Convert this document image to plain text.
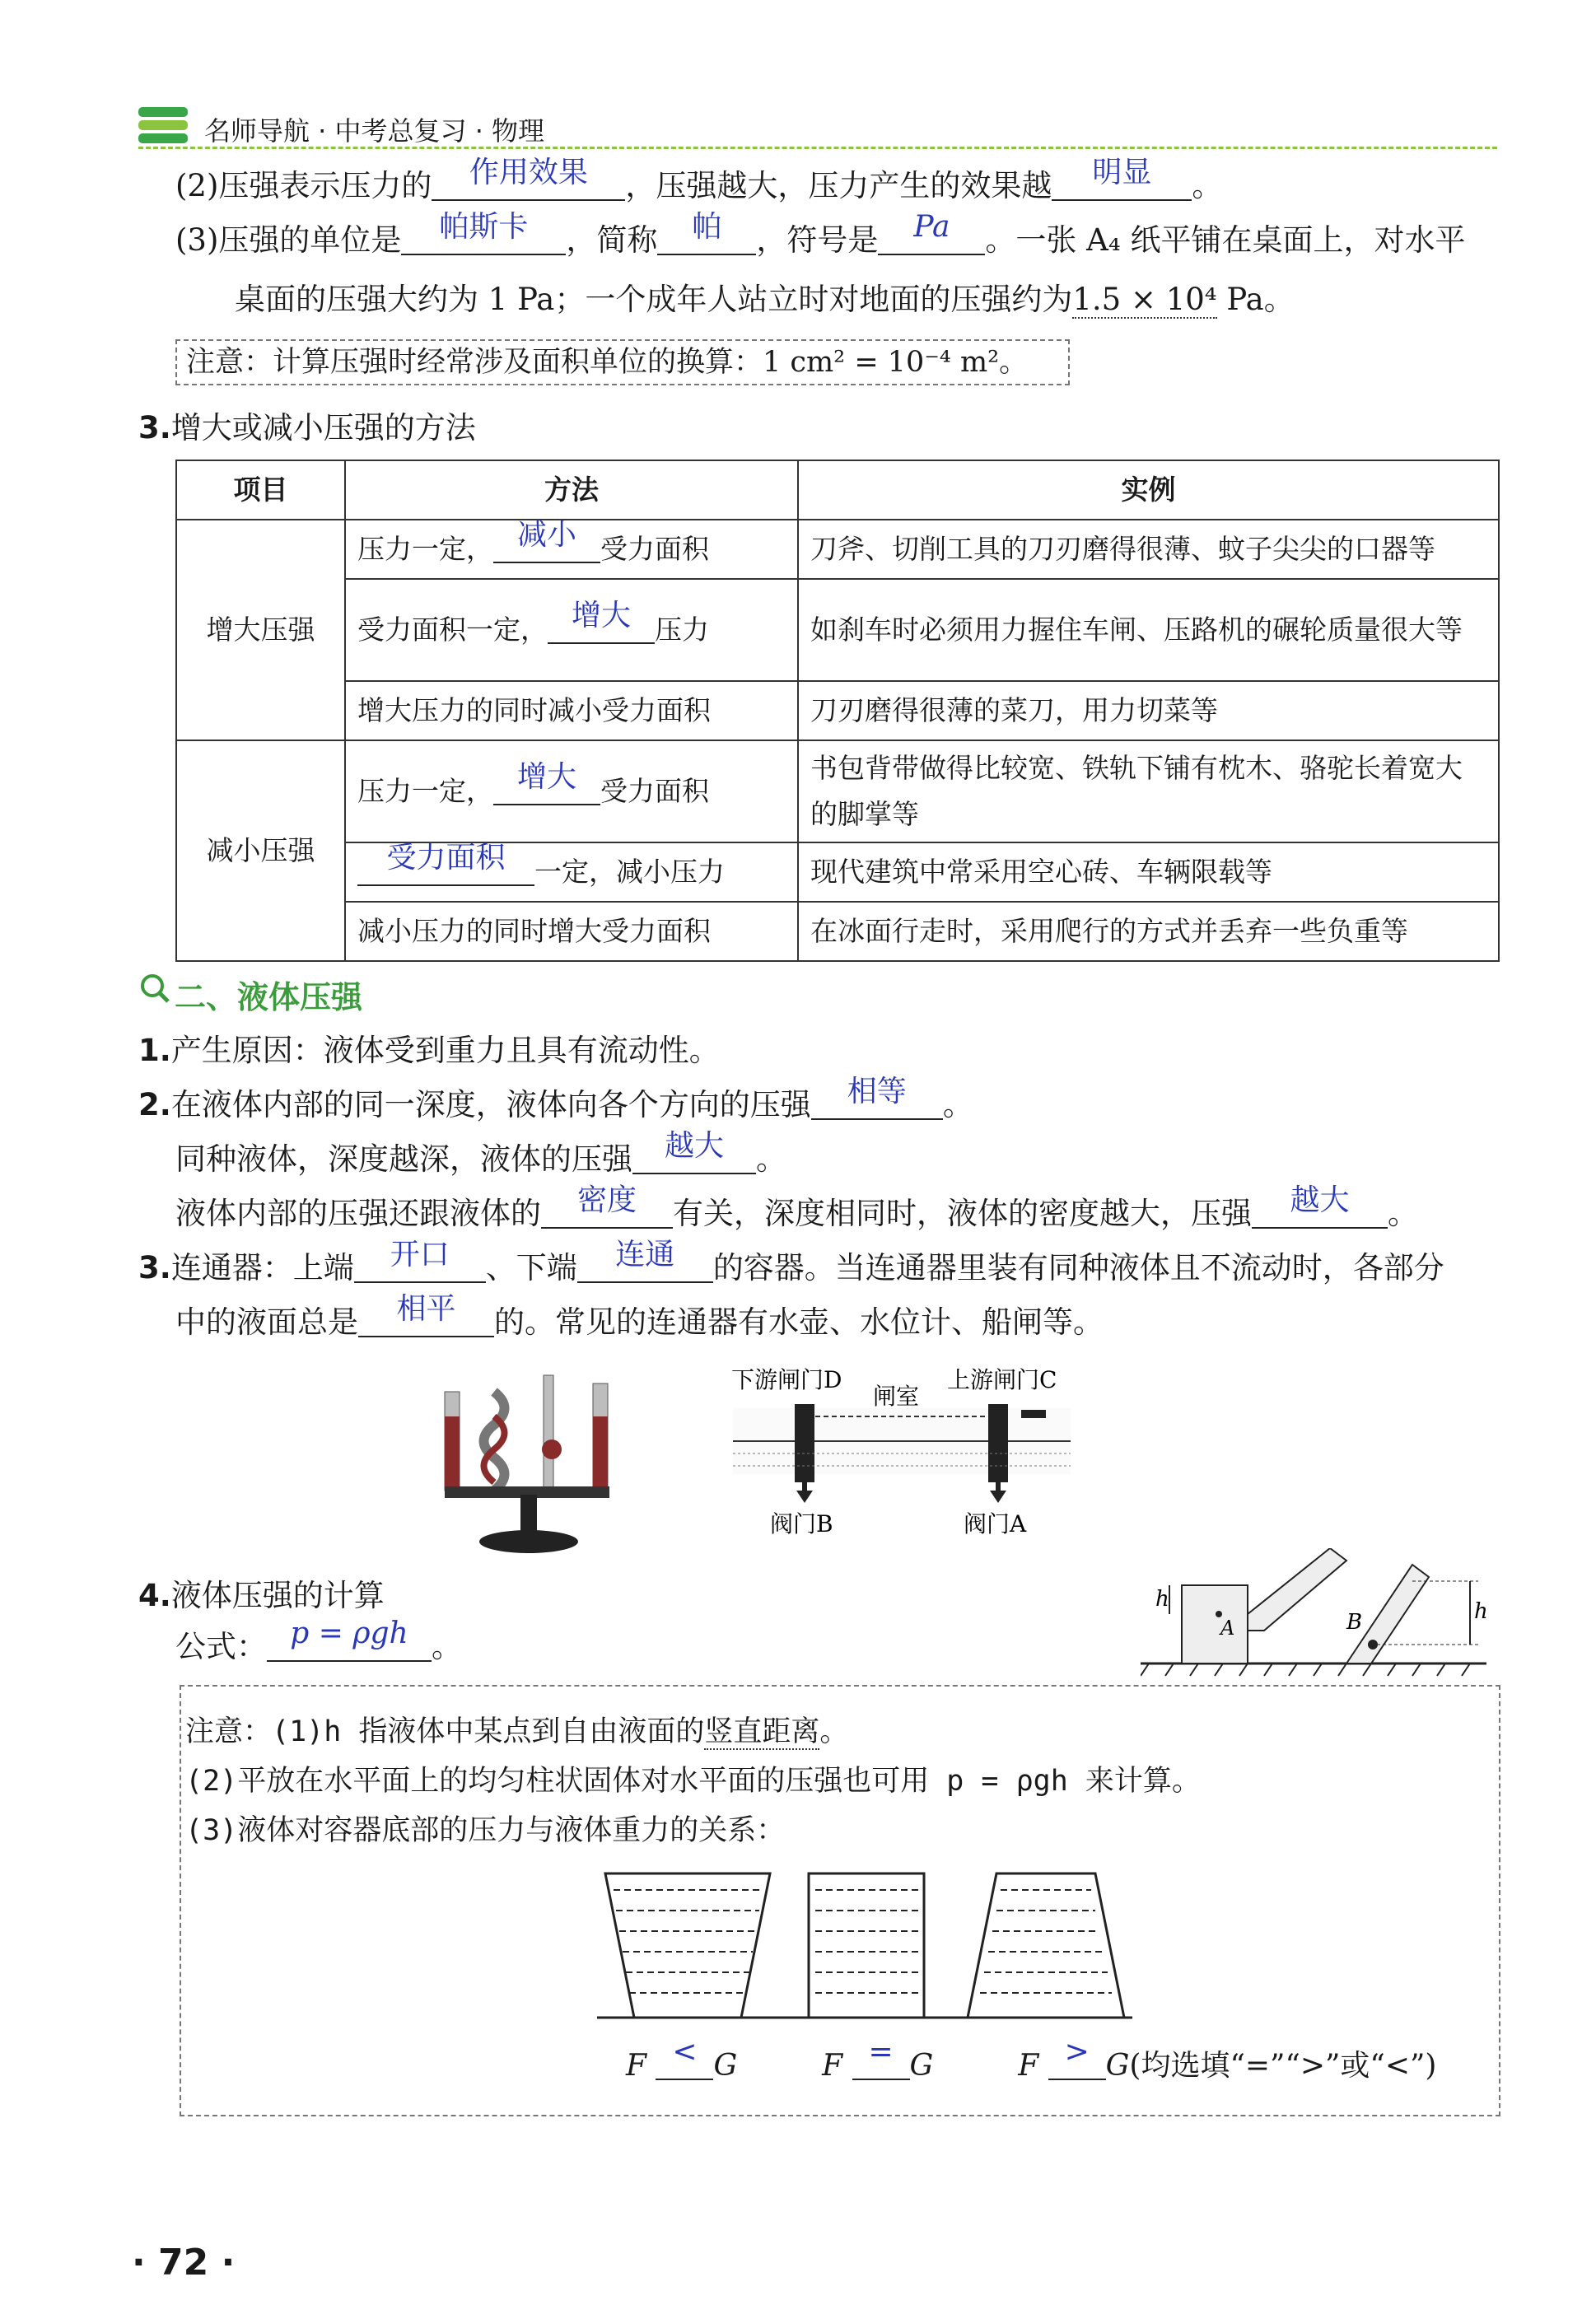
名师导航 · 中考总复习 · 物理
(2)压强表示压力的	作用效果	，压强越大，压力产生的效果越	明显	。
(3)压强的单位是	帕斯卡	，简称	帕	，符号是	Pa	。一张 A₄ 纸平铺在桌面上，对水平
桌面的压强大约为 1 Pa；一个成年人站立时对地面的压强约为1.5 × 10⁴ Pa。
注意：计算压强时经常涉及面积单位的换算：1 cm² = 10⁻⁴ m²。
3.增大或减小压强的方法
项目	方法	实例
增大压强	压力一定， 减小 受力面积	刀斧、切削工具的刀刃磨得很薄、蚊子尖尖的口器等
	受力面积一定， 增大 压力	如刹车时必须用力握住车闸、压路机的碾轮质量很大等
	增大压力的同时减小受力面积	刀刃磨得很薄的菜刀，用力切菜等
减小压强	压力一定， 增大 受力面积	书包背带做得比较宽、铁轨下铺有枕木、骆驼长着宽大的脚掌等

	受力面积 一定，减小压力	现代建筑中常采用空心砖、车辆限载等
	减小压力的同时增大受力面积	在冰面行走时，采用爬行的方式并丢弃一些负重等
二、液体压强
1.产生原因：液体受到重力且具有流动性。
2.在液体内部的同一深度，液体向各个方向的压强	相等	。
同种液体，深度越深，液体的压强	越大	。
液体内部的压强还跟液体的	密度	有关，深度相同时，液体的密度越大，压强	越大	。
3.连通器：上端	开口	、下端	连通	的容器。当连通器里装有同种液体且不流动时，各部分
中的液面总是	相平	的。常见的连通器有水壶、水位计、船闸等。
下游闸门D
闸室
上游闸门C
阀门B	阀门A
h
A	B	h
4.液体压强的计算
公式： p = ρgh 。
注意：(1)h 指液体中某点到自由液面的竖直距离。
(2)平放在水平面上的均匀柱状固体对水平面的压强也可用 p = ρgh 来计算。
(3)液体对容器底部的压力与液体重力的关系：
F < G	F = G	F > G(均选填“=”“>”或“<”)
· 72 ·
